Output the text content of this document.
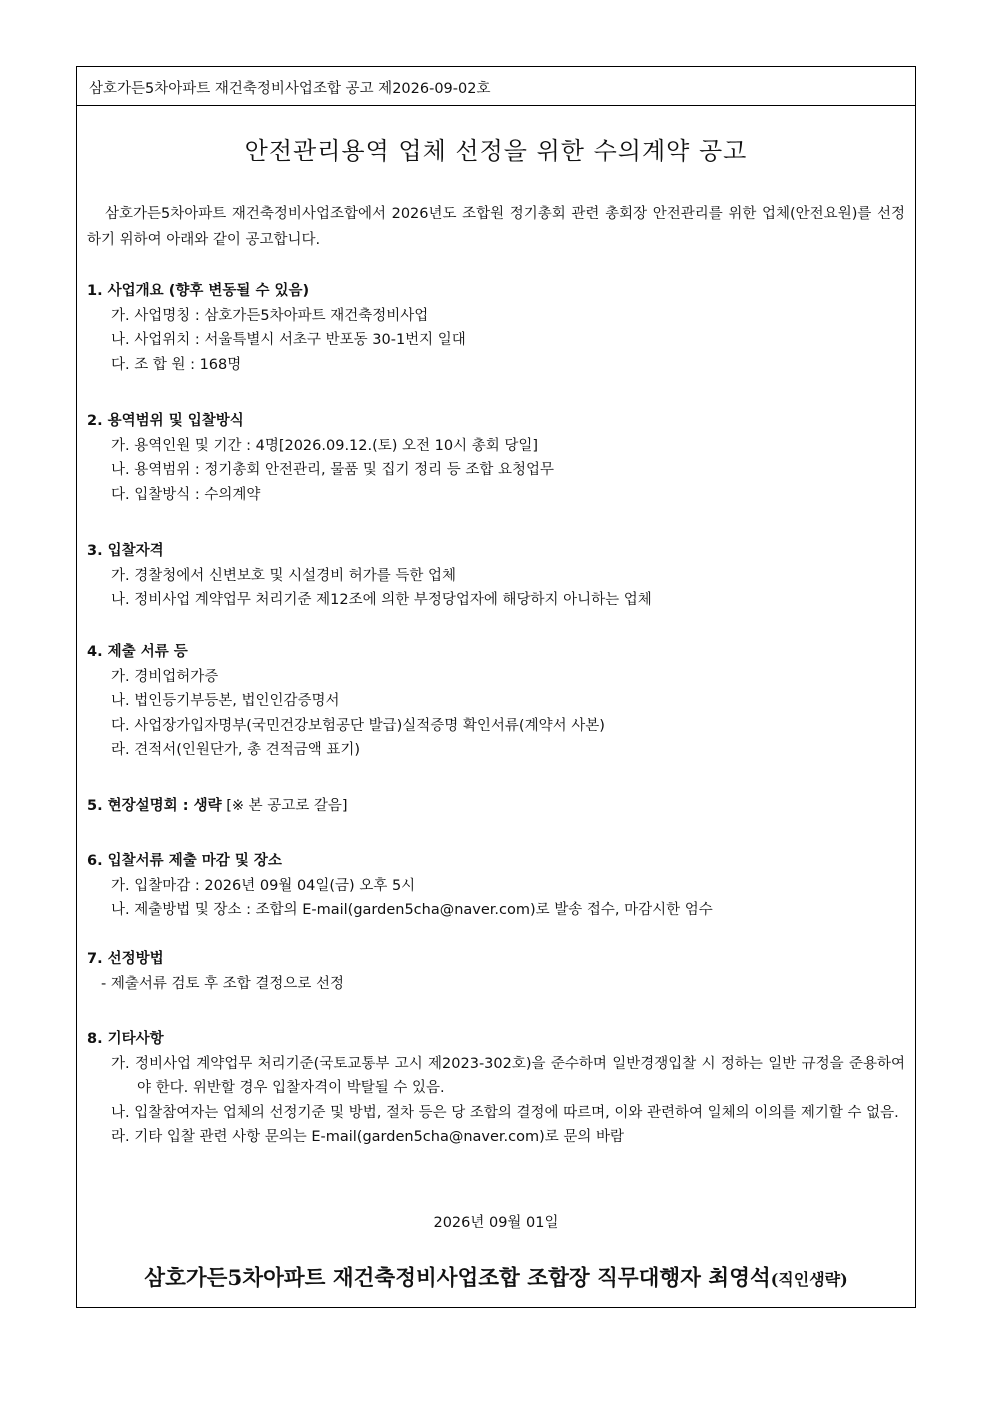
삼호가든5차아파트 재건축정비사업조합 공고 제2026-09-02호
안전관리용역 업체 선정을 위한 수의계약 공고
삼호가든5차아파트 재건축정비사업조합에서 2026년도 조합원 정기총회 관련 총회장 안전관리를 위한 업체(안전요원)를 선정하기 위하여 아래와 같이 공고합니다.
1. 사업개요 (향후 변동될 수 있음)
가. 사업명칭 : 삼호가든5차아파트 재건축정비사업
나. 사업위치 : 서울특별시 서초구 반포동 30-1번지 일대
다. 조 합 원 : 168명
2. 용역범위 및 입찰방식
가. 용역인원 및 기간 : 4명[2026.09.12.(토) 오전 10시 총회 당일]
나. 용역범위 : 정기총회 안전관리, 물품 및 집기 정리 등 조합 요청업무
다. 입찰방식 : 수의계약
3. 입찰자격
가. 경찰청에서 신변보호 및 시설경비 허가를 득한 업체
나. 정비사업 계약업무 처리기준 제12조에 의한 부정당업자에 해당하지 아니하는 업체
4. 제출 서류 등
가. 경비업허가증
나. 법인등기부등본, 법인인감증명서
다. 사업장가입자명부(국민건강보험공단 발급)실적증명 확인서류(계약서 사본)
라. 견적서(인원단가, 총 견적금액 표기)
5. 현장설명회 : 생략 [※ 본 공고로 갈음]
6. 입찰서류 제출 마감 및 장소
가. 입찰마감 : 2026년 09월 04일(금) 오후 5시
나. 제출방법 및 장소 : 조합의 E-mail(garden5cha@naver.com)로 발송 접수, 마감시한 엄수
7. 선정방법
- 제출서류 검토 후 조합 결정으로 선정
8. 기타사항
가. 정비사업 계약업무 처리기준(국토교통부 고시 제2023-302호)을 준수하며 일반경쟁입찰 시 정하는 일반 규정을 준용하여야 한다. 위반할 경우 입찰자격이 박탈될 수 있음.
나. 입찰참여자는 업체의 선정기준 및 방법, 절차 등은 당 조합의 결정에 따르며, 이와 관련하여 일체의 이의를 제기할 수 없음.
라. 기타 입찰 관련 사항 문의는 E-mail(garden5cha@naver.com)로 문의 바람
2026년 09월 01일
삼호가든5차아파트 재건축정비사업조합 조합장 직무대행자 최영석(직인생략)
